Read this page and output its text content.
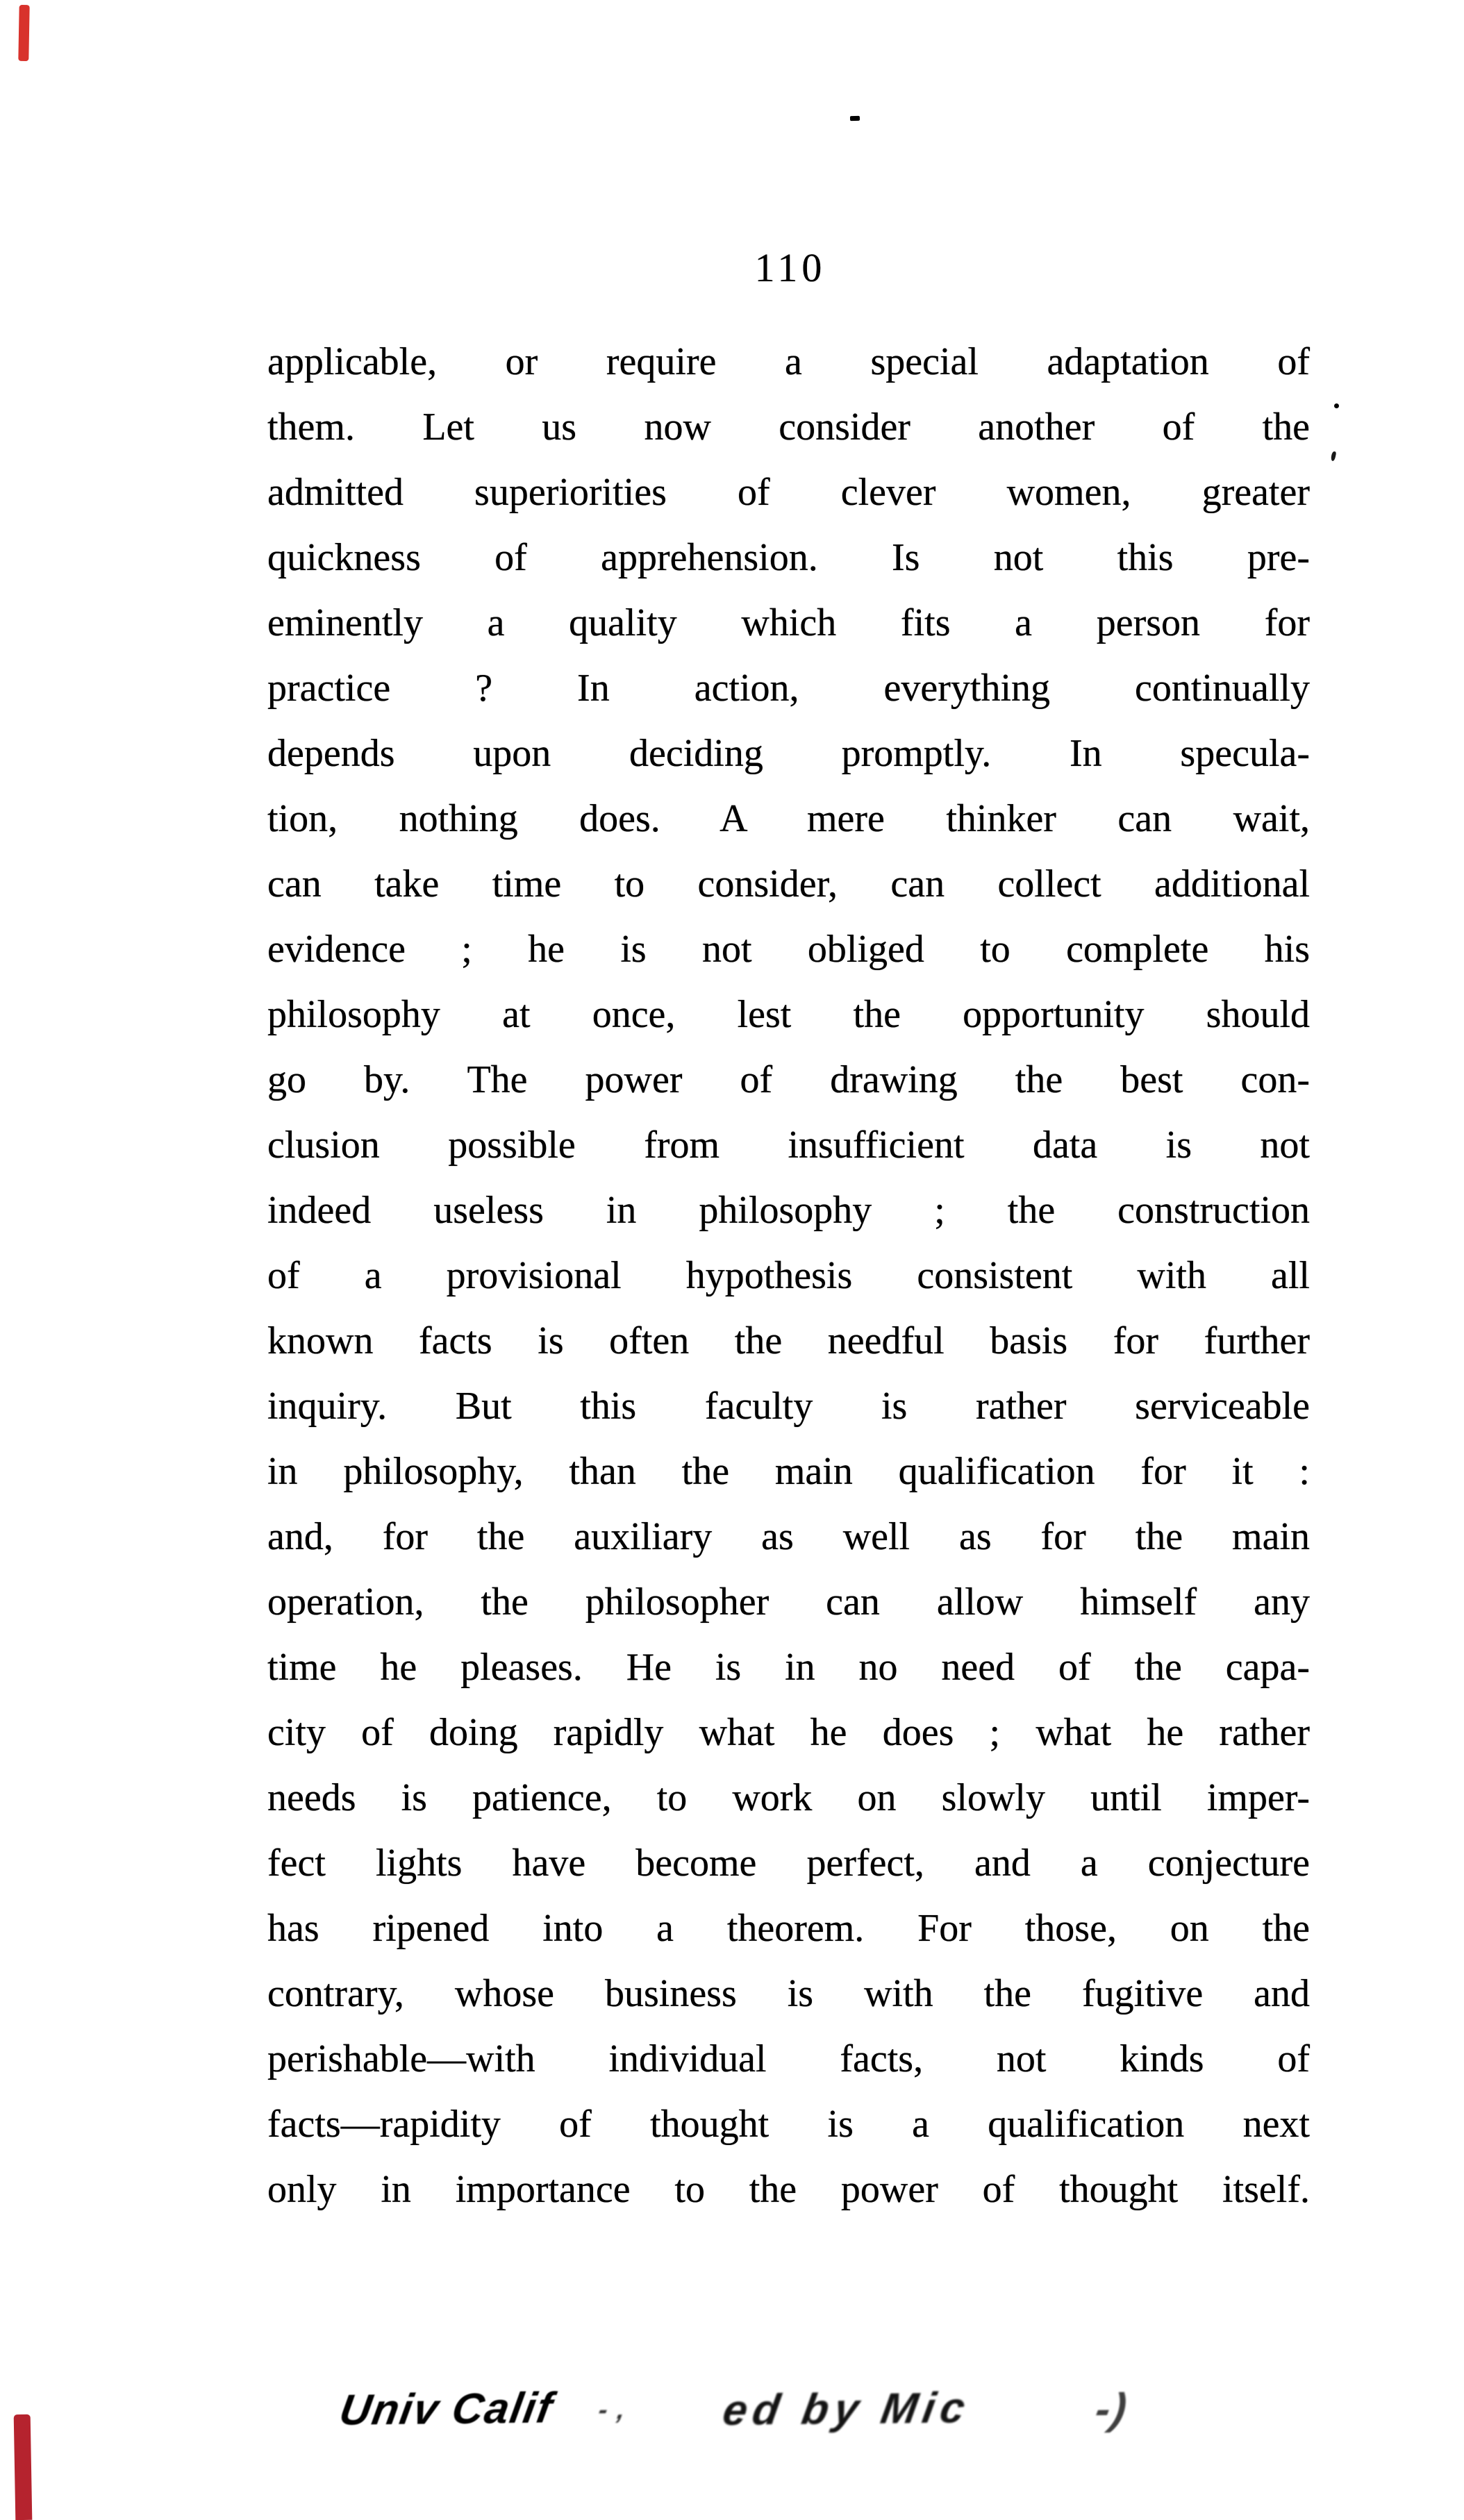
110
applicable, or require a special adaptation of
them. Let us now consider another of the
admitted superiorities of clever women, greater
quickness of apprehension. Is not this pre-
eminently a quality which fits a person for
practice ? In action, everything continually
depends upon deciding promptly. In specula-
tion, nothing does. A mere thinker can wait,
can take time to consider, can collect additional
evidence ; he is not obliged to complete his
philosophy at once, lest the opportunity should
go by. The power of drawing the best con-
clusion possible from insufficient data is not
indeed useless in philosophy ; the construction
of a provisional hypothesis consistent with all
known facts is often the needful basis for further
inquiry. But this faculty is rather serviceable
in philosophy, than the main qualification for it :
and, for the auxiliary as well as for the main
operation, the philosopher can allow himself any
time he pleases. He is in no need of the capa-
city of doing rapidly what he does ; what he rather
needs is patience, to work on slowly until imper-
fect lights have become perfect, and a conjecture
has ripened into a theorem. For those, on the
contrary, whose business is with the fugitive and
perishable—with individual facts, not kinds of
facts—rapidity of thought is a qualification next
only in importance to the power of thought itself.
Univ Calif - , ed by Mic	-)
